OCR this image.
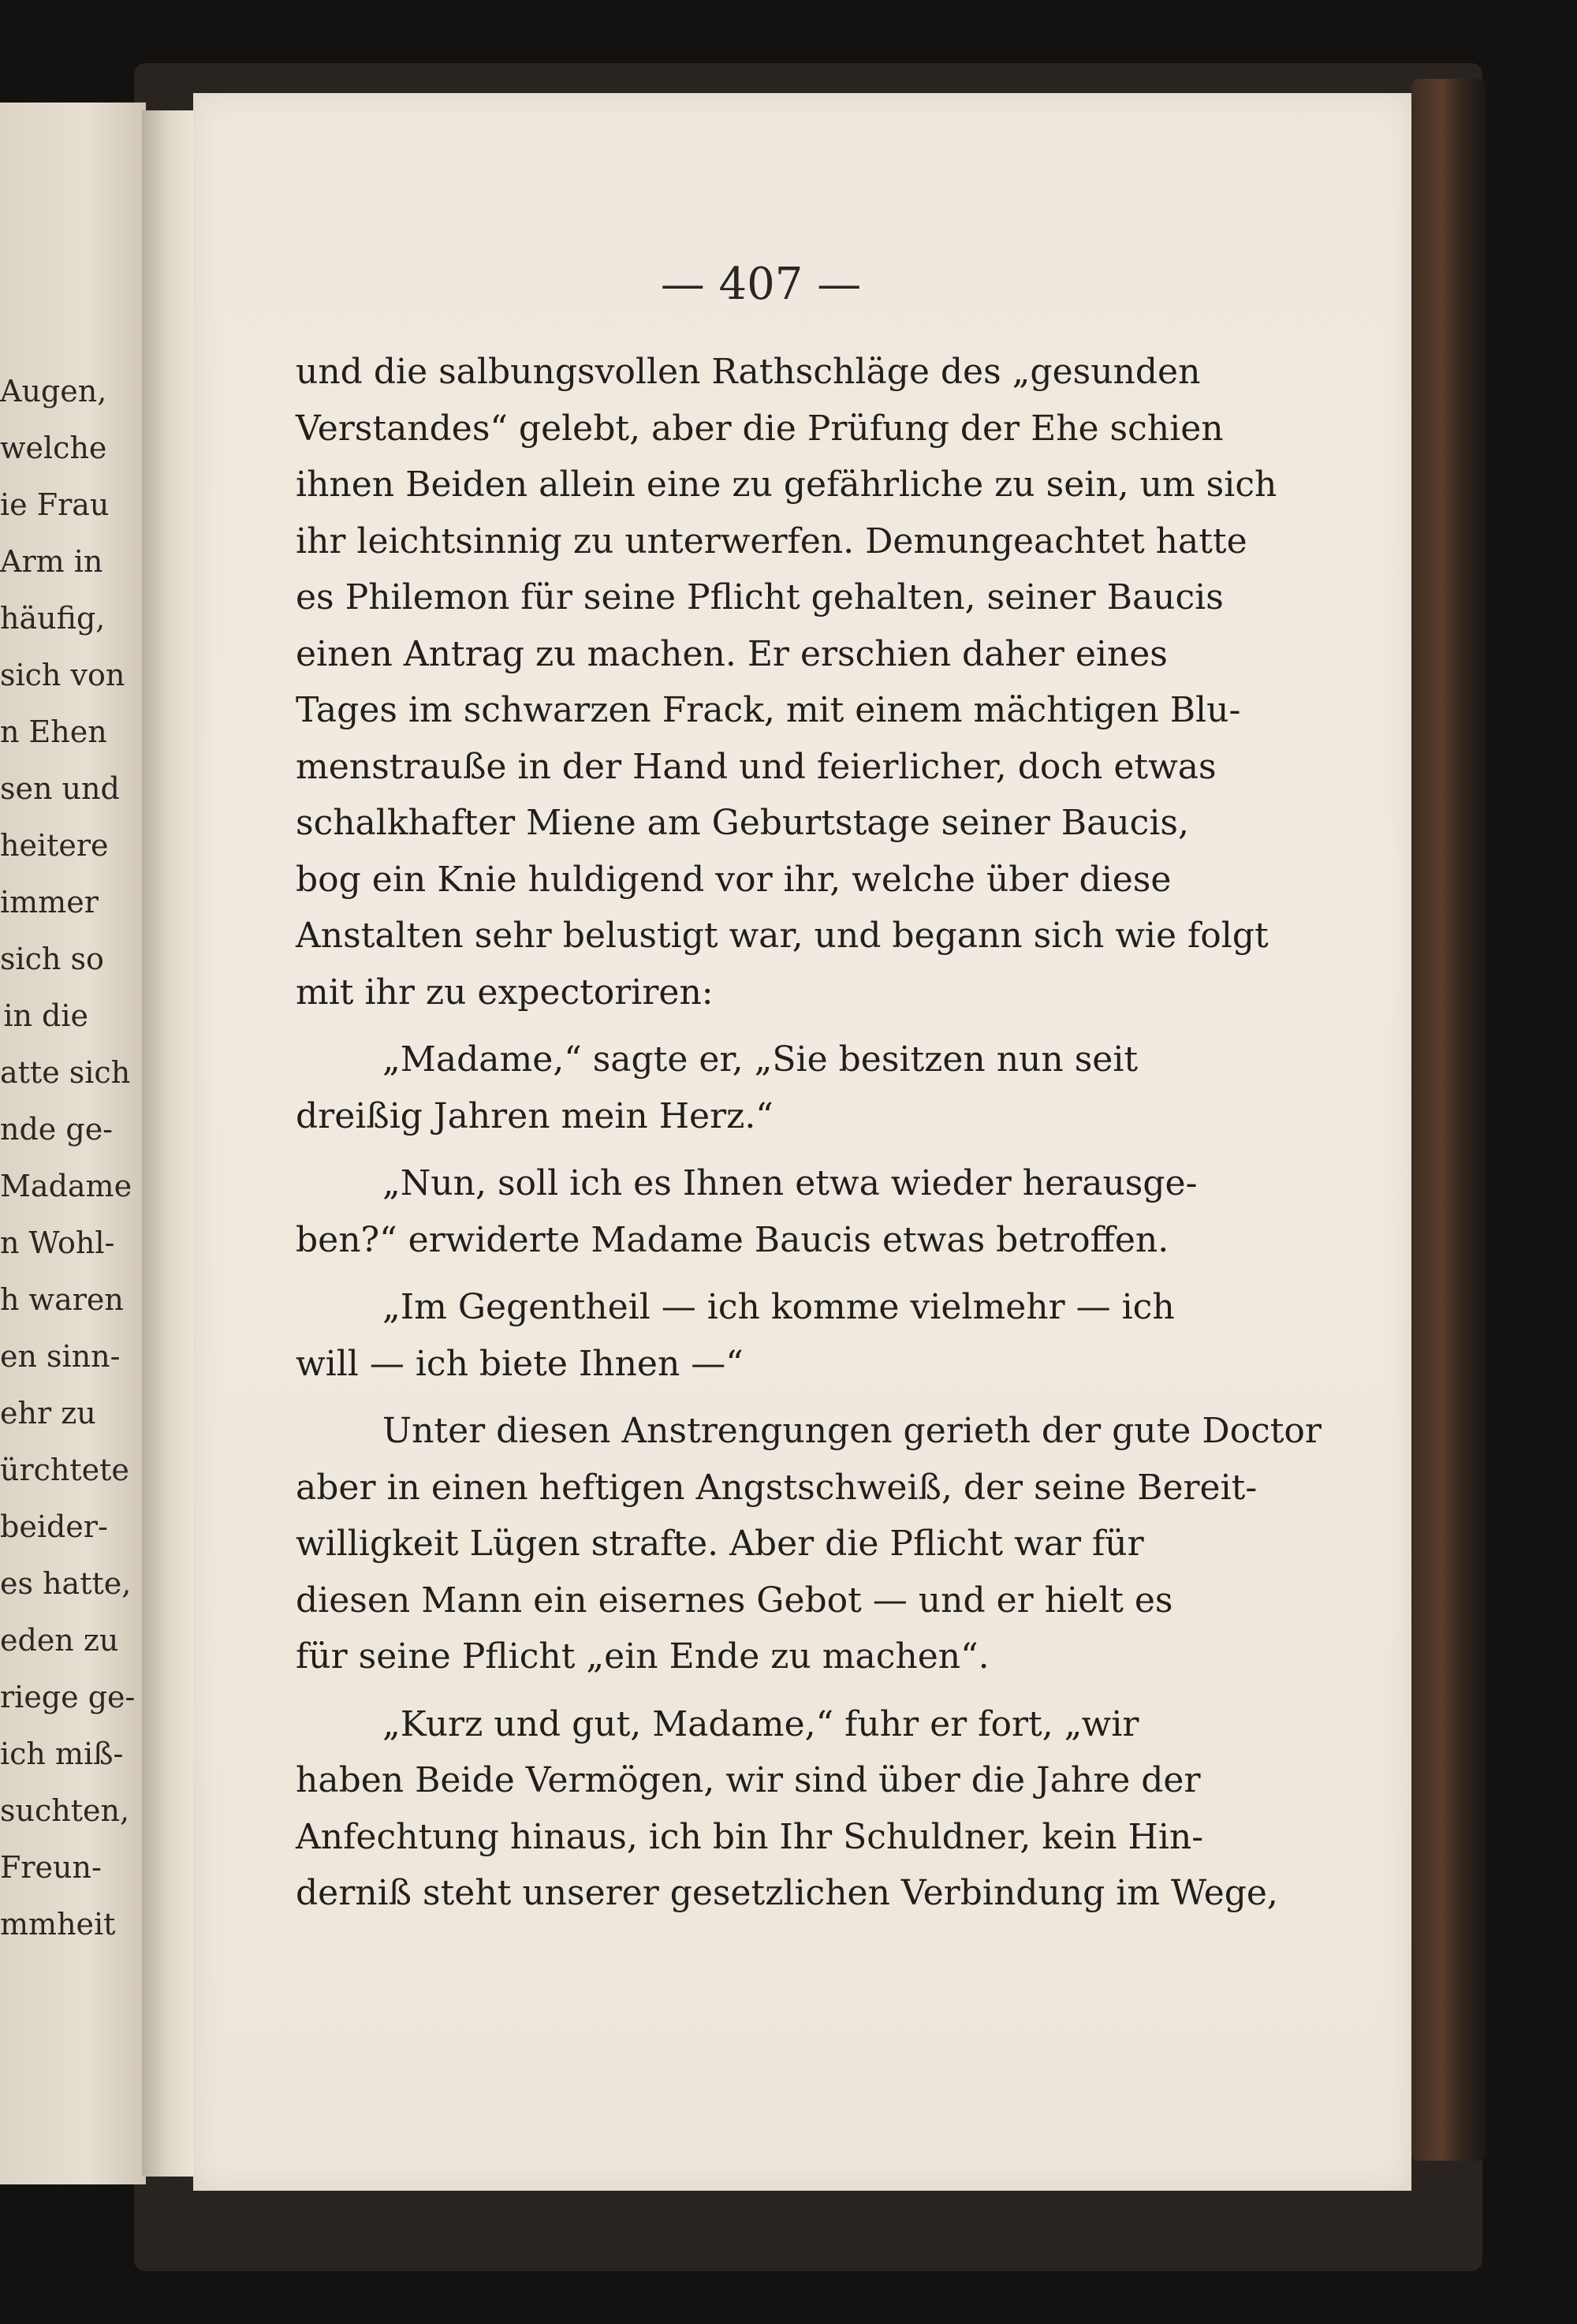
Augen,
welche
ie Frau
Arm in
häufig,
sich von
n Ehen
sen und
heitere
immer
sich so
in die
atte sich
nde ge-
Madame
n Wohl-
h waren
en sinn-
ehr zu
ürchtete
beider-
es hatte,
eden zu
riege ge-
ich miß-
suchten,
Freun-
mmheit
— 407 —
und die salbungsvollen Rathschläge des „gesunden
Verstandes“ gelebt, aber die Prüfung der Ehe schien
ihnen Beiden allein eine zu gefährliche zu sein, um sich
ihr leichtsinnig zu unterwerfen. Demungeachtet hatte
es Philemon für seine Pflicht gehalten, seiner Baucis
einen Antrag zu machen. Er erschien daher eines
Tages im schwarzen Frack, mit einem mächtigen Blu-
menstrauße in der Hand und feierlicher, doch etwas
schalkhafter Miene am Geburtstage seiner Baucis,
bog ein Knie huldigend vor ihr, welche über diese
Anstalten sehr belustigt war, und begann sich wie folgt
mit ihr zu expectoriren:
„Madame,“ sagte er, „Sie besitzen nun seit
dreißig Jahren mein Herz.“
„Nun, soll ich es Ihnen etwa wieder herausge-
ben?“ erwiderte Madame Baucis etwas betroffen.
„Im Gegentheil — ich komme vielmehr — ich
will — ich biete Ihnen —“
Unter diesen Anstrengungen gerieth der gute Doctor
aber in einen heftigen Angstschweiß, der seine Bereit-
willigkeit Lügen strafte. Aber die Pflicht war für
diesen Mann ein eisernes Gebot — und er hielt es
für seine Pflicht „ein Ende zu machen“.
„Kurz und gut, Madame,“ fuhr er fort, „wir
haben Beide Vermögen, wir sind über die Jahre der
Anfechtung hinaus, ich bin Ihr Schuldner, kein Hin-
derniß steht unserer gesetzlichen Verbindung im Wege,
